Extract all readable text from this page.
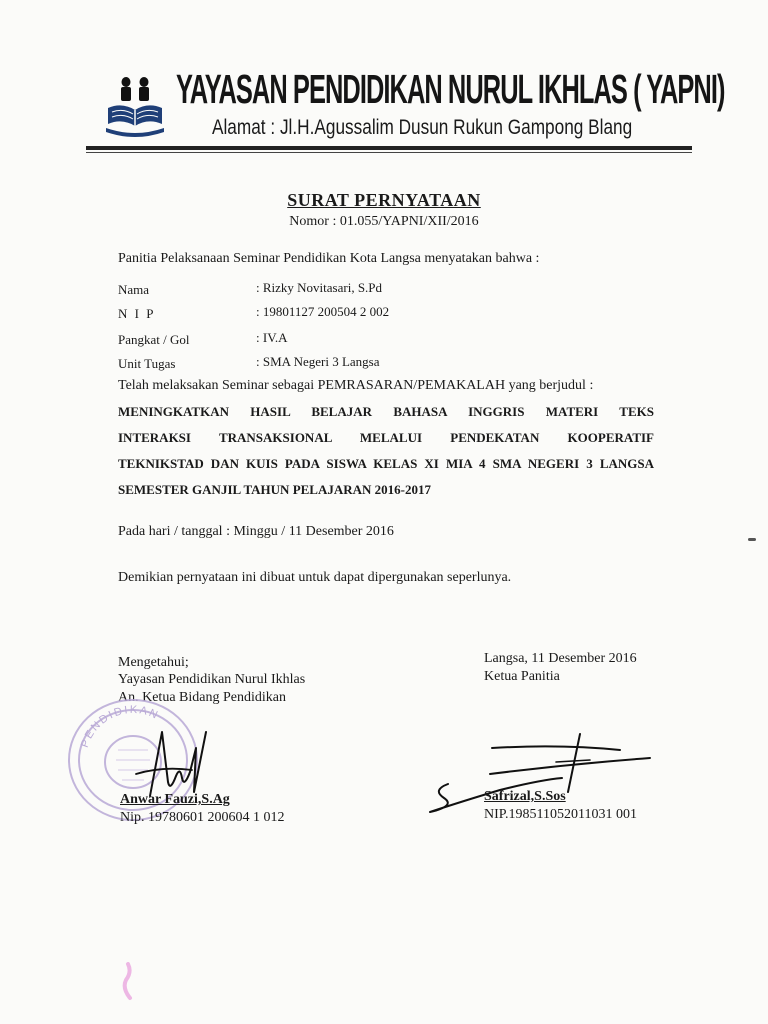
YAYASAN PENDIDIKAN NURUL IKHLAS ( YAPNI)
Alamat : Jl.H.Agussalim Dusun Rukun Gampong Blang
SURAT PERNYATAAN
Nomor : 01.055/YAPNI/XII/2016
Panitia Pelaksanaan Seminar Pendidikan Kota Langsa menyatakan bahwa :
Nama	: Rizky Novitasari, S.Pd
N I P	: 19801127 200504 2 002
Pangkat / Gol	: IV.A
Unit Tugas	: SMA Negeri 3 Langsa
Telah melaksakan Seminar sebagai PEMRASARAN/PEMAKALAH yang berjudul :
MENINGKATKAN HASIL BELAJAR BAHASA INGGRIS MATERI TEKS
INTERAKSI TRANSAKSIONAL MELALUI PENDEKATAN KOOPERATIF
TEKNIKSTAD DAN KUIS PADA SISWA KELAS XI MIA 4 SMA NEGERI 3 LANGSA
SEMESTER GANJIL TAHUN PELAJARAN 2016-2017
Pada hari / tanggal : Minggu / 11 Desember 2016
Demikian pernyataan ini dibuat untuk dapat dipergunakan seperlunya.
Mengetahui;
Yayasan Pendidikan Nurul Ikhlas
An. Ketua Bidang Pendidikan
PENDIDIKAN
Anwar Fauzi,S.Ag
Nip. 19780601 200604 1 012
Langsa, 11 Desember 2016
Ketua Panitia
Safrizal,S.Sos
NIP.198511052011031 001
